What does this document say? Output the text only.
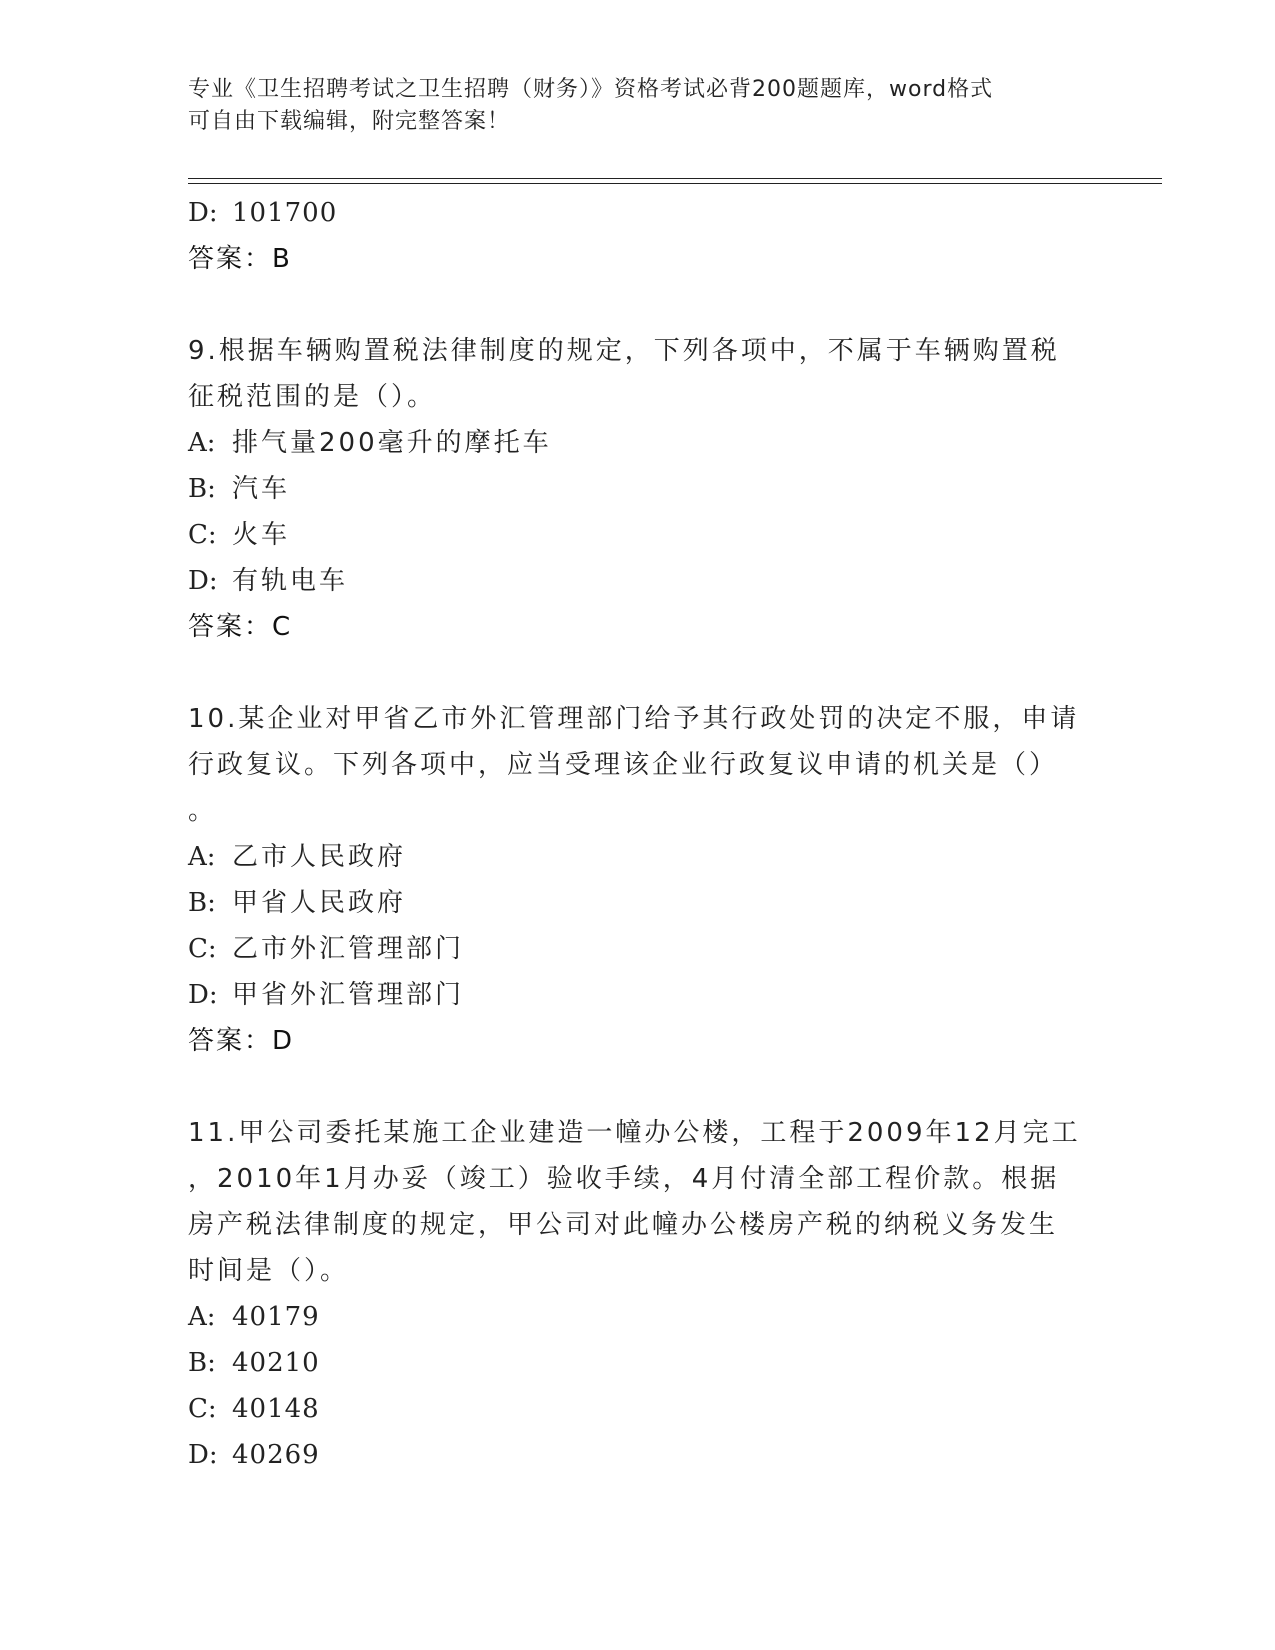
专业《卫生招聘考试之卫生招聘（财务）》资格考试必背200题题库，word格式
可自由下载编辑，附完整答案！
D: 101700
答案：B
9.根据车辆购置税法律制度的规定，下列各项中，不属于车辆购置税
征税范围的是（）。
A: 排气量200毫升的摩托车
B: 汽车
C: 火车
D: 有轨电车
答案：C
10.某企业对甲省乙市外汇管理部门给予其行政处罚的决定不服，申请
行政复议。下列各项中，应当受理该企业行政复议申请的机关是（）
。
A: 乙市人民政府
B: 甲省人民政府
C: 乙市外汇管理部门
D: 甲省外汇管理部门
答案：D
11.甲公司委托某施工企业建造一幢办公楼，工程于2009年12月完工
，2010年1月办妥（竣工）验收手续，4月付清全部工程价款。根据
房产税法律制度的规定，甲公司对此幢办公楼房产税的纳税义务发生
时间是（）。
A: 40179
B: 40210
C: 40148
D: 40269
